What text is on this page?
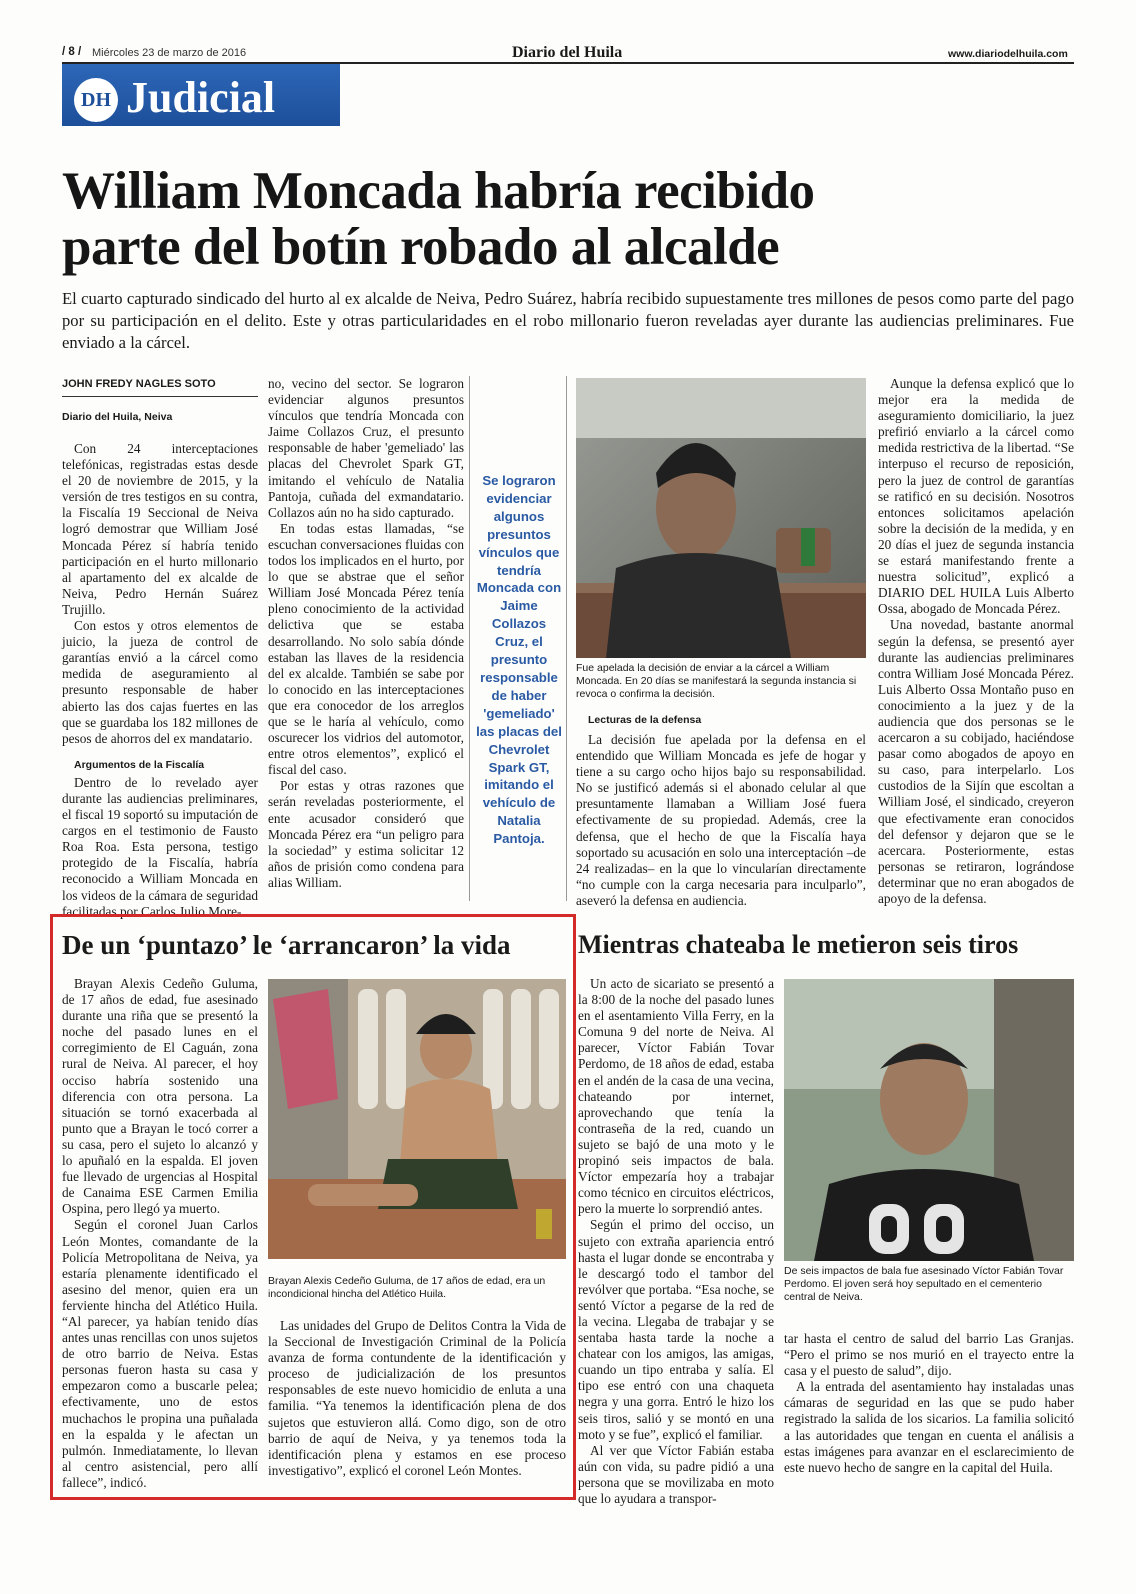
/ 8 / Miércoles 23 de marzo de 2016	Diario del Huila	www.diariodelhuila.com
DH Judicial
William Moncada habría recibido
parte del botín robado al alcalde
El cuarto capturado sindicado del hurto al ex alcalde de Neiva, Pedro Suárez, habría recibido supuestamente tres millones de pesos como parte del pago por su participación en el delito. Este y otras particularidades en el robo millonario fueron reveladas ayer durante las audiencias preliminares. Fue enviado a la cárcel.
JOHN FREDY NAGLES SOTO
Diario del Huila, Neiva

Con 24 interceptaciones telefónicas, registradas estas desde el 20 de noviembre de 2015, y la versión de tres testigos en su contra, la Fiscalía 19 Seccional de Neiva logró demostrar que William José Moncada Pérez sí habría tenido participación en el hurto millonario al apartamento del ex alcalde de Neiva, Pedro Hernán Suárez Trujillo.

Con estos y otros elementos de juicio, la jueza de control de garantías envió a la cárcel como medida de aseguramiento al presunto responsable de haber abierto las dos cajas fuertes en las que se guardaba los 182 millones de pesos de ahorros del ex mandatario.

Argumentos de la Fiscalía

Dentro de lo revelado ayer durante las audiencias preliminares, el fiscal 19 soportó su imputación de cargos en el testimonio de Fausto Roa Roa. Esta persona, testigo protegido de la Fiscalía, habría reconocido a William Moncada en los videos de la cámara de seguridad facilitadas por Carlos Julio More-

no, vecino del sector. Se lograron evidenciar algunos presuntos vínculos que tendría Moncada con Jaime Collazos Cruz, el presunto responsable de haber 'gemeliado' las placas del Chevrolet Spark GT, imitando el vehículo de Natalia Pantoja, cuñada del exmandatario. Collazos aún no ha sido capturado.

En todas estas llamadas, “se escuchan conversaciones fluidas con todos los implicados en el hurto, por lo que se abstrae que el señor William José Moncada Pérez tenía pleno conocimiento de la actividad delictiva que se estaba desarrollando. No solo sabía dónde estaban las llaves de la residencia del ex alcalde. También se sabe por lo conocido en las interceptaciones que era conocedor de los arreglos que se le haría al vehículo, como oscurecer los vidrios del automotor, entre otros elementos”, explicó el fiscal del caso.

Por estas y otras razones que serán reveladas posteriormente, el ente acusador consideró que Moncada Pérez era “un peligro para la sociedad” y estima solicitar 12 años de prisión como condena para alias William.

Se lograron evidenciar algunos presuntos vínculos que tendría Moncada con Jaime Collazos Cruz, el presunto responsable de haber 'gemeliado' las placas del Chevrolet Spark GT, imitando el vehículo de Natalia Pantoja.
Fue apelada la decisión de enviar a la cárcel a William Moncada. En 20 días se manifestará la segunda instancia si revoca o confirma la decisión.
Lecturas de la defensa

La decisión fue apelada por la defensa en el entendido que William Moncada es jefe de hogar y tiene a su cargo ocho hijos bajo su responsabilidad. No se justificó además si el abonado celular al que presuntamente llamaban a William José fuera efectivamente de su propiedad. Además, cree la defensa, que el hecho de que la Fiscalía haya soportado su acusación en solo una interceptación –de 24 realizadas– en la que lo vincularían directamente “no cumple con la carga necesaria para inculparlo”, aseveró la defensa en audiencia.

Aunque la defensa explicó que lo mejor era la medida de aseguramiento domiciliario, la juez prefirió enviarlo a la cárcel como medida restrictiva de la libertad. “Se interpuso el recurso de reposición, pero la juez de control de garantías se ratificó en su decisión. Nosotros entonces solicitamos apelación sobre la decisión de la medida, y en 20 días el juez de segunda instancia se estará manifestando frente a nuestra solicitud”, explicó a DIARIO DEL HUILA Luis Alberto Ossa, abogado de Moncada Pérez.

Una novedad, bastante anormal según la defensa, se presentó ayer durante las audiencias preliminares contra William José Moncada Pérez. Luis Alberto Ossa Montaño puso en conocimiento a la juez y de la audiencia que dos personas se le acercaron a su cobijado, haciéndose pasar como abogados de apoyo en su caso, para interpelarlo. Los custodios de la Sijín que escoltan a William José, el sindicado, creyeron que efectivamente eran conocidos del defensor y dejaron que se le acercara. Posteriormente, estas personas se retiraron, lográndose determinar que no eran abogados de apoyo de la defensa.

De un ‘puntazo’ le ‘arrancaron’ la vida

Brayan Alexis Cedeño Guluma, de 17 años de edad, fue asesinado durante una riña que se presentó la noche del pasado lunes en el corregimiento de El Caguán, zona rural de Neiva. Al parecer, el hoy occiso habría sostenido una diferencia con otra persona. La situación se tornó exacerbada al punto que a Brayan le tocó correr a su casa, pero el sujeto lo alcanzó y lo apuñaló en la espalda. El joven fue llevado de urgencias al Hospital de Canaima ESE Carmen Emilia Ospina, pero llegó ya muerto.

Según el coronel Juan Carlos León Montes, comandante de la Policía Metropolitana de Neiva, ya estaría plenamente identificado el asesino del menor, quien era un ferviente hincha del Atlético Huila. “Al parecer, ya habían tenido días antes unas rencillas con unos sujetos de otro barrio de Neiva. Estas personas fueron hasta su casa y empezaron como a buscarle pelea; efectivamente, uno de estos muchachos le propina una puñalada en la espalda y le afectan un pulmón. Inmediatamente, lo llevan al centro asistencial, pero allí fallece”, indicó.

Brayan Alexis Cedeño Guluma, de 17 años de edad, era un incondicional hincha del Atlético Huila.

Las unidades del Grupo de Delitos Contra la Vida de la Seccional de Investigación Criminal de la Policía avanza de forma contundente de la identificación y proceso de judicialización de los presuntos responsables de este nuevo homicidio de enluta a una familia. “Ya tenemos la identificación plena de dos sujetos que estuvieron allá. Como digo, son de otro barrio de aquí de Neiva, y ya tenemos toda la identificación plena y estamos en ese proceso investigativo”, explicó el coronel León Montes.

Mientras chateaba le metieron seis tiros

Un acto de sicariato se presentó a la 8:00 de la noche del pasado lunes en el asentamiento Villa Ferry, en la Comuna 9 del norte de Neiva. Al parecer, Víctor Fabián Tovar Perdomo, de 18 años de edad, estaba en el andén de la casa de una vecina, chateando por internet, aprovechando que tenía la contraseña de la red, cuando un sujeto se bajó de una moto y le propinó seis impactos de bala. Víctor empezaría hoy a trabajar como técnico en circuitos eléctricos, pero la muerte lo sorprendió antes.

Según el primo del occiso, un sujeto con extraña apariencia entró hasta el lugar donde se encontraba y le descargó todo el tambor del revólver que portaba. “Esa noche, se sentó Víctor a pegarse de la red de la vecina. Llegaba de trabajar y se sentaba hasta tarde la noche a chatear con los amigos, las amigas, cuando un tipo entraba y salía. El tipo ese entró con una chaqueta negra y una gorra. Entró le hizo los seis tiros, salió y se montó en una moto y se fue”, explicó el familiar.

Al ver que Víctor Fabián estaba aún con vida, su padre pidió a una persona que se movilizaba en moto que lo ayudara a transpor-

De seis impactos de bala fue asesinado Víctor Fabián Tovar Perdomo. El joven será hoy sepultado en el cementerio central de Neiva.

tar hasta el centro de salud del barrio Las Granjas. “Pero el primo se nos murió en el trayecto entre la casa y el puesto de salud”, dijo.

A la entrada del asentamiento hay instaladas unas cámaras de seguridad en las que se pudo haber registrado la salida de los sicarios. La familia solicitó a las autoridades que tengan en cuenta el análisis a estas imágenes para avanzar en el esclarecimiento de este nuevo hecho de sangre en la capital del Huila.
